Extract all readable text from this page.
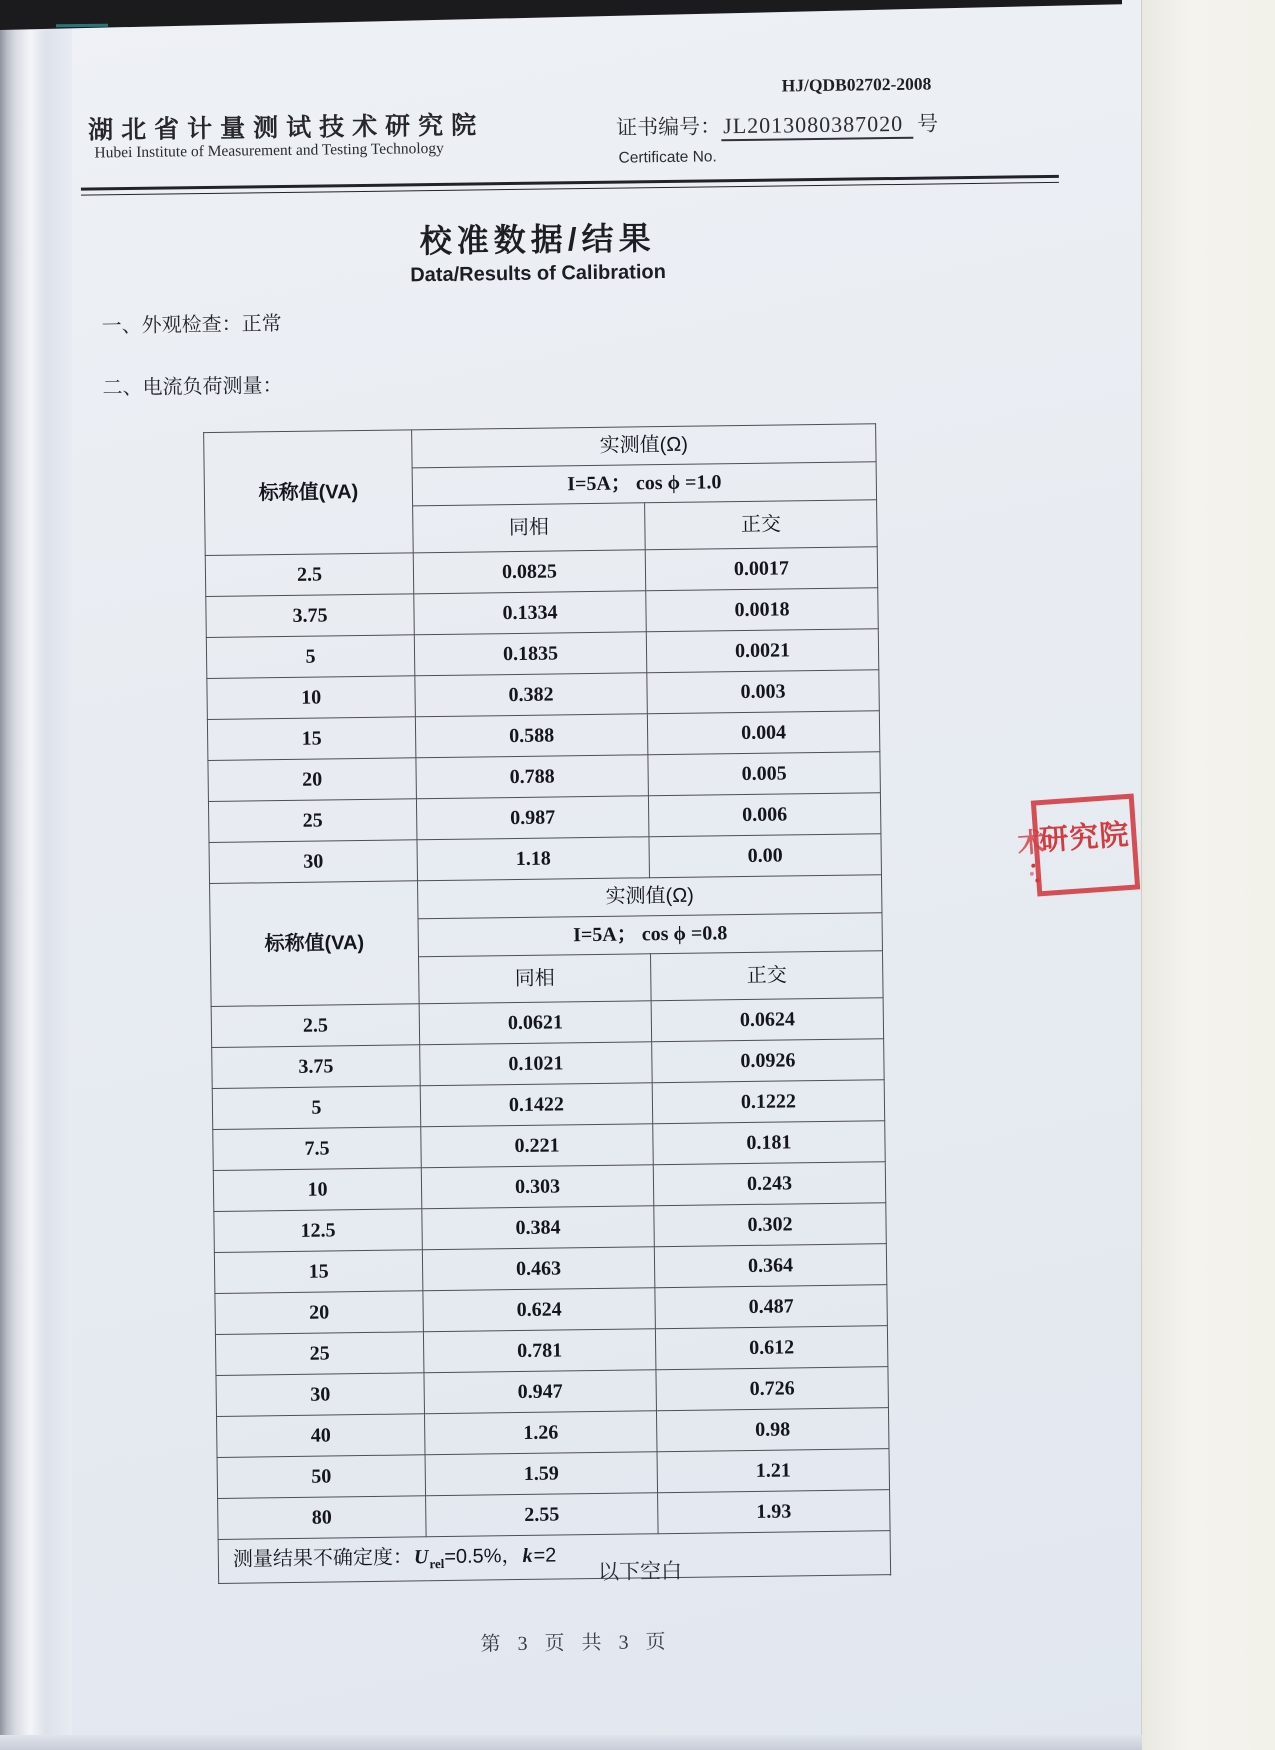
湖北省计量测试技术研究院
Hubei Institute of Measurement and Testing Technology
HJ/QDB02702-2008
证书编号：JL2013080387020 号
Certificate No.
校准数据/结果
Data/Results of Calibration
一、外观检查：正常
二、电流负荷测量：
标称值(VA)	实测值(Ω)	
	I=5A； cos ϕ =1.0	
	同相	正交
2.5	0.0825	0.0017
3.75	0.1334	0.0018
5	0.1835	0.0021
10	0.382	0.003
15	0.588	0.004
20	0.788	0.005
25	0.987	0.006
30	1.18	0.00
标称值(VA)	实测值(Ω)	
	I=5A； cos ϕ =0.8	
	同相	正交
2.5	0.0621	0.0624
3.75	0.1021	0.0926
5	0.1422	0.1222
7.5	0.221	0.181
10	0.303	0.243
12.5	0.384	0.302
15	0.463	0.364
20	0.624	0.487
25	0.781	0.612
30	0.947	0.726
40	1.26	0.98
50	1.59	1.21
80	2.55	1.93
测量结果不确定度：$U_{rel}=0.5\%$，k=2		
以下空白
第 3 页 共 3 页
术
研究院
